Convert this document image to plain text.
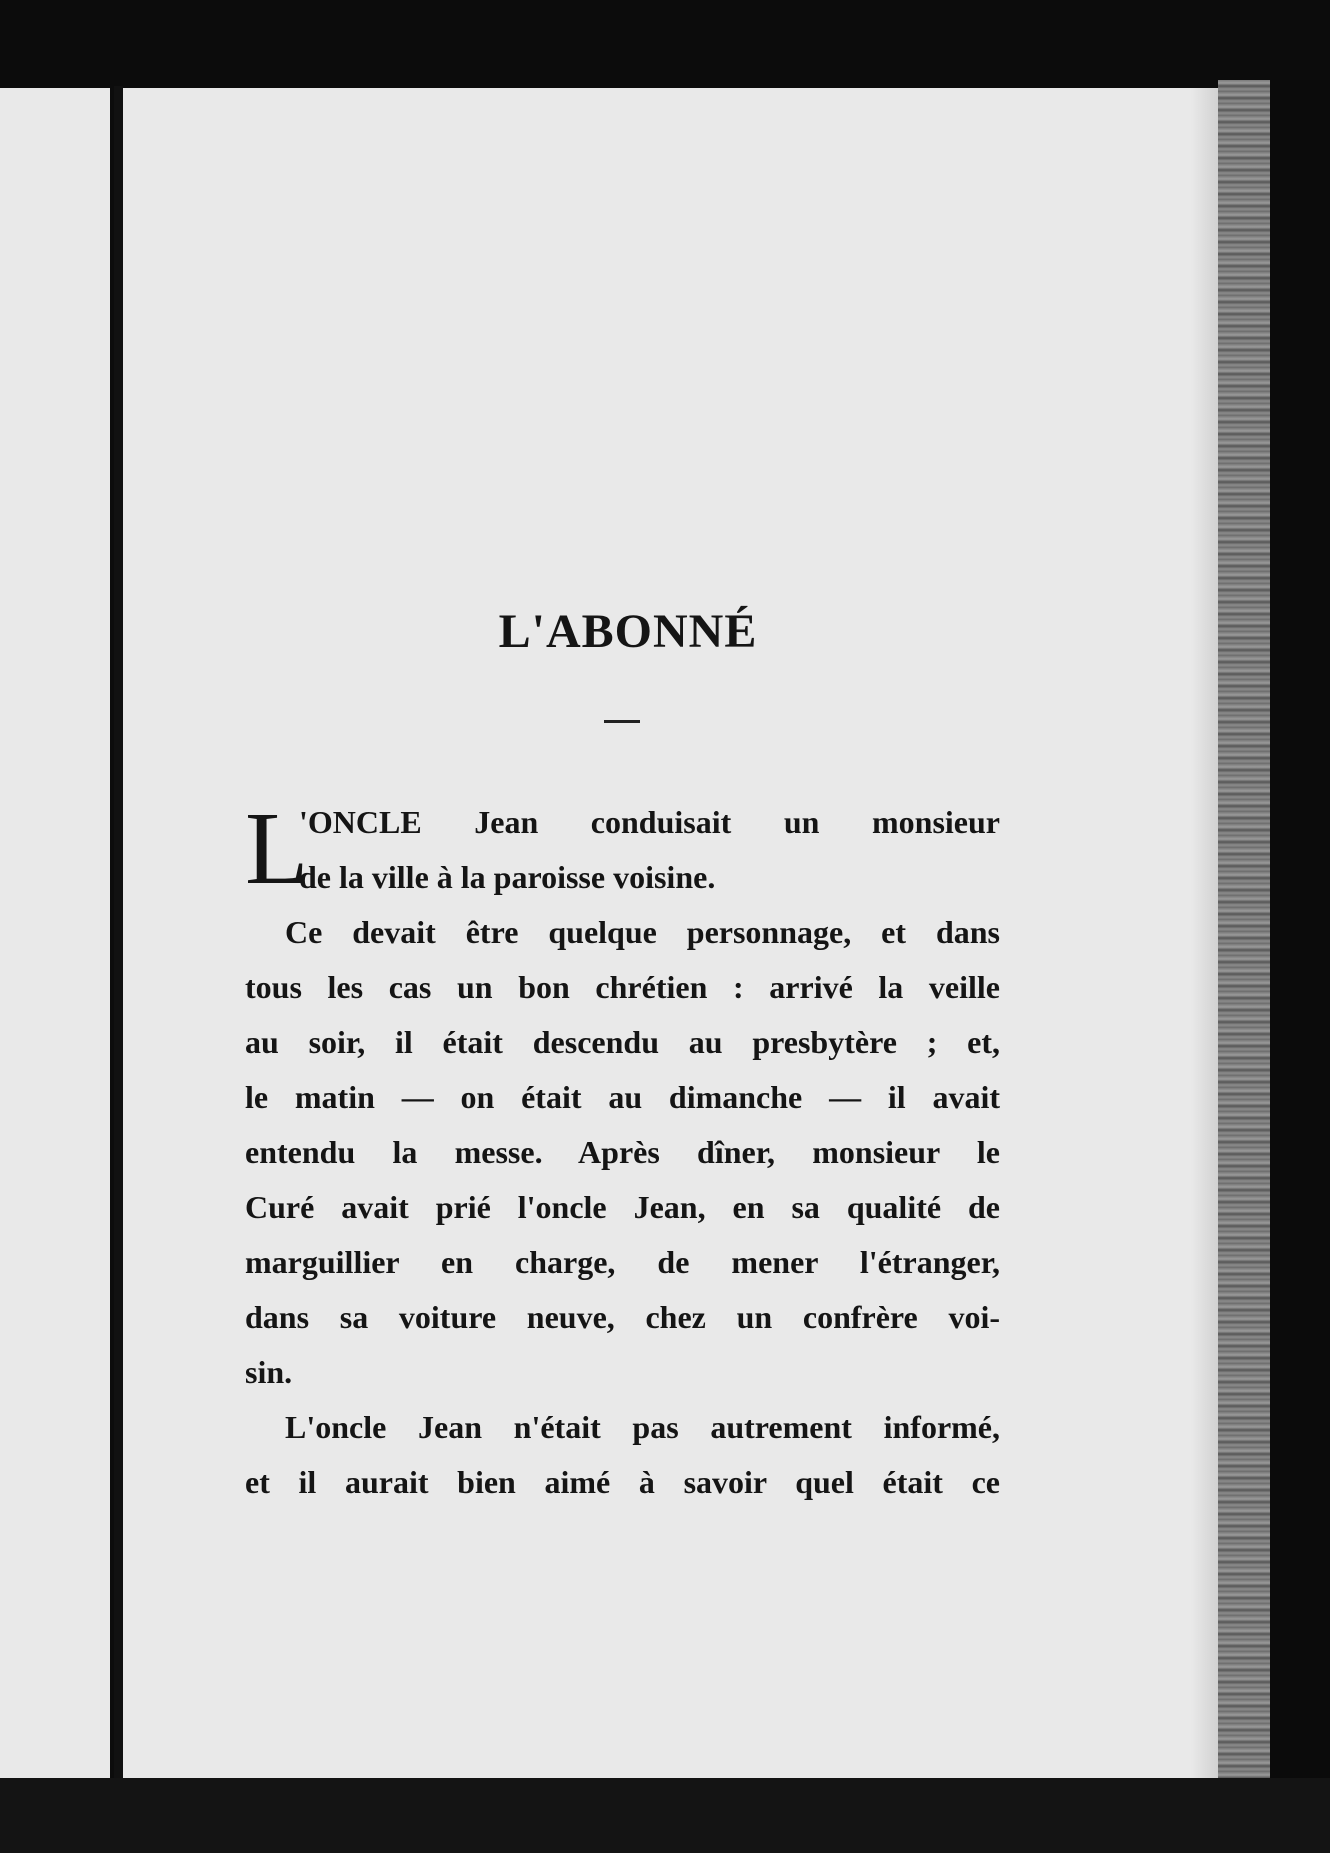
L'ABONNÉ
L
'ONCLE Jean conduisait un monsieur
de la ville à la paroisse voisine.
Ce devait être quelque personnage, et dans
tous les cas un bon chrétien : arrivé la veille
au soir, il était descendu au presbytère ; et,
le matin — on était au dimanche — il avait
entendu la messe. Après dîner, monsieur le
Curé avait prié l'oncle Jean, en sa qualité de
marguillier en charge, de mener l'étranger,
dans sa voiture neuve, chez un confrère voi-
sin.
L'oncle Jean n'était pas autrement informé,
et il aurait bien aimé à savoir quel était ce
